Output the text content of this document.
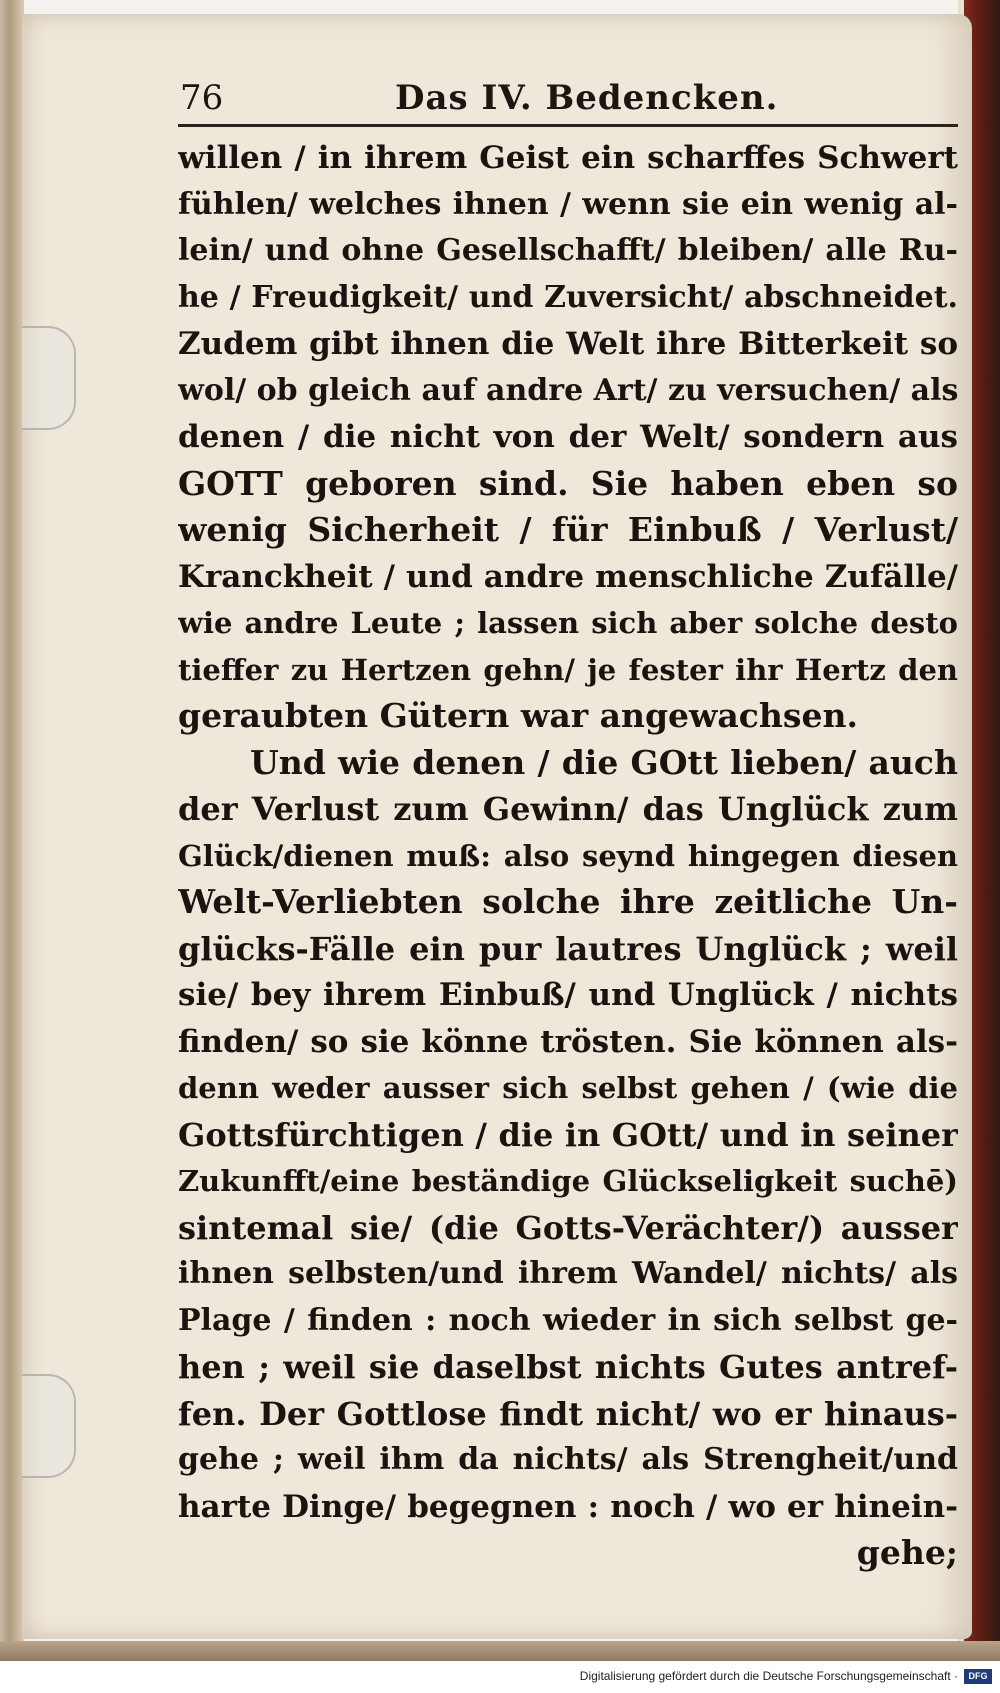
76	Das IV. Bedencken.
willen / in ihrem Geist ein scharffes Schwert
fühlen/ welches ihnen / wenn sie ein wenig al-
lein/ und ohne Gesellschafft/ bleiben/ alle Ru-
he / Freudigkeit/ und Zuversicht/ abschneidet.
Zudem gibt ihnen die Welt ihre Bitterkeit so
wol/ ob gleich auf andre Art/ zu versuchen/ als
denen / die nicht von der Welt/ sondern aus
GOTT geboren sind. Sie haben eben so
wenig Sicherheit / für Einbuß / Verlust/
Kranckheit / und andre menschliche Zufälle/
wie andre Leute ; lassen sich aber solche desto
tieffer zu Hertzen gehn/ je fester ihr Hertz den
geraubten Gütern war angewachsen.
Und wie denen / die GOtt lieben/ auch
der Verlust zum Gewinn/ das Unglück zum
Glück/dienen muß: also seynd hingegen diesen
Welt-Verliebten solche ihre zeitliche Un-
glücks-Fälle ein pur lautres Unglück ; weil
sie/ bey ihrem Einbuß/ und Unglück / nichts
finden/ so sie könne trösten. Sie können als-
denn weder ausser sich selbst gehen / (wie die
Gottsfürchtigen / die in GOtt/ und in seiner
Zukunfft/eine beständige Glückseligkeit suchē)
sintemal sie/ (die Gotts-Verächter/) ausser
ihnen selbsten/und ihrem Wandel/ nichts/ als
Plage / finden : noch wieder in sich selbst ge-
hen ; weil sie daselbst nichts Gutes antref-
fen. Der Gottlose findt nicht/ wo er hinaus-
gehe ; weil ihm da nichts/ als Strengheit/und
harte Dinge/ begegnen : noch / wo er hinein-
gehe;
Digitalisierung gefördert durch die Deutsche Forschungsgemeinschaft ·	DFG
